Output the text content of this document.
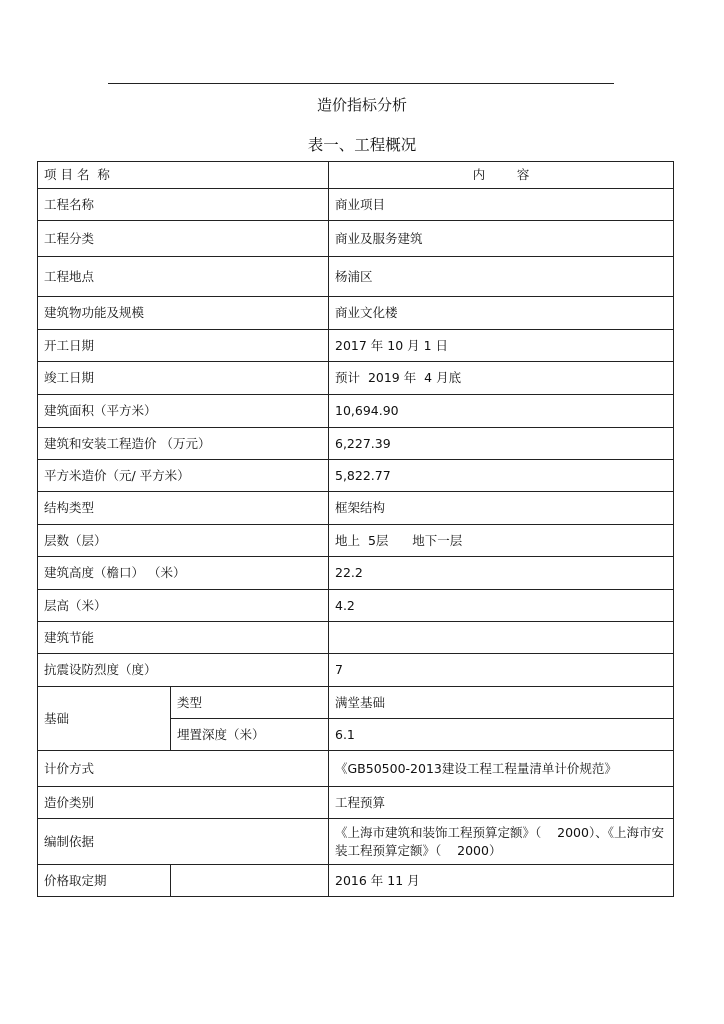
造价指标分析
表一、工程概况
项 目 名  称		内        容
工程名称		商业项目
工程分类		商业及服务建筑
工程地点		杨浦区
建筑物功能及规模		商业文化楼
开工日期		2017 年 10 月 1 日
竣工日期		预计  2019 年  4 月底
建筑面积（平方米）		10,694.90
建筑和安装工程造价 （万元）		6,227.39
平方米造价（元/ 平方米）		5,822.77
结构类型		框架结构
层数（层）		地上  5层      地下一层
建筑高度（檐口） （米）		22.2
层高（米）		4.2
建筑节能		
抗震设防烈度（度）		7
基础	类型	满堂基础
	埋置深度（米）	6.1
计价方式		《GB50500-2013建设工程工程量清单计价规范》
造价类别		工程预算
编制依据		《上海市建筑和装饰工程预算定额》（    2000）、《上海市安装工程预算定额》（    2000）
价格取定期		2016 年 11 月
